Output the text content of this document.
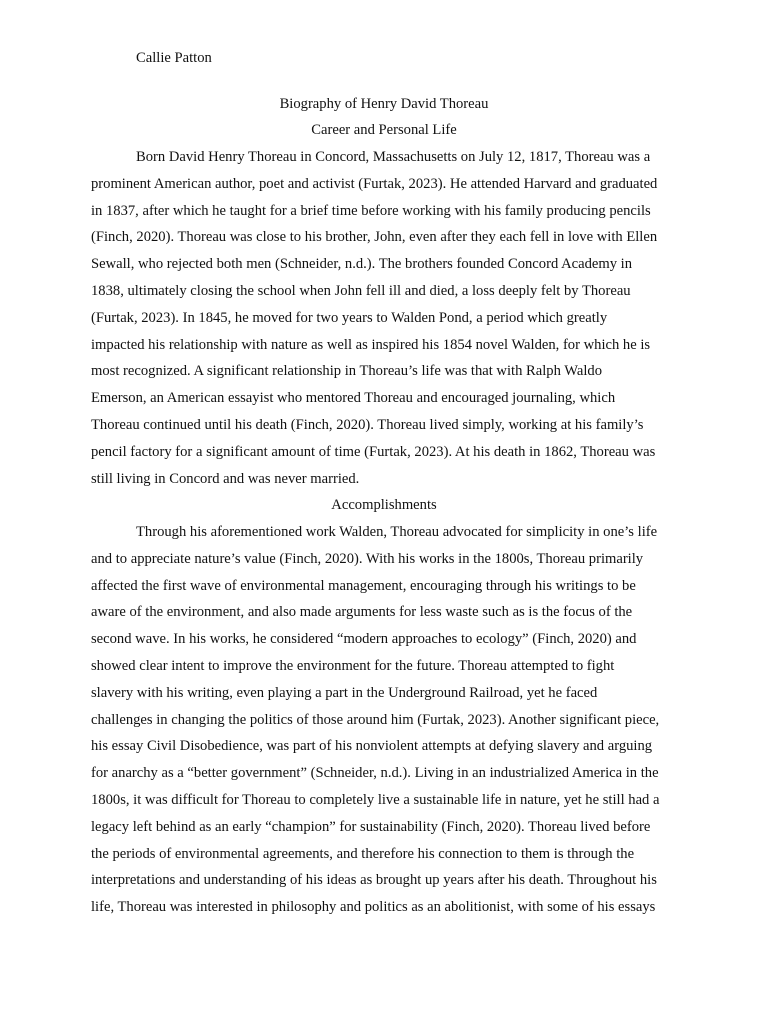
Callie Patton
Biography of Henry David Thoreau
Career and Personal Life
Born David Henry Thoreau in Concord, Massachusetts on July 12, 1817, Thoreau was a
prominent American author, poet and activist (Furtak, 2023). He attended Harvard and graduated
in 1837, after which he taught for a brief time before working with his family producing pencils
(Finch, 2020). Thoreau was close to his brother, John, even after they each fell in love with Ellen
Sewall, who rejected both men (Schneider, n.d.). The brothers founded Concord Academy in
1838, ultimately closing the school when John fell ill and died, a loss deeply felt by Thoreau
(Furtak, 2023). In 1845, he moved for two years to Walden Pond, a period which greatly
impacted his relationship with nature as well as inspired his 1854 novel Walden, for which he is
most recognized. A significant relationship in Thoreau’s life was that with Ralph Waldo
Emerson, an American essayist who mentored Thoreau and encouraged journaling, which
Thoreau continued until his death (Finch, 2020). Thoreau lived simply, working at his family’s
pencil factory for a significant amount of time (Furtak, 2023). At his death in 1862, Thoreau was
still living in Concord and was never married.
Accomplishments
Through his aforementioned work Walden, Thoreau advocated for simplicity in one’s life
and to appreciate nature’s value (Finch, 2020). With his works in the 1800s, Thoreau primarily
affected the first wave of environmental management, encouraging through his writings to be
aware of the environment, and also made arguments for less waste such as is the focus of the
second wave. In his works, he considered “modern approaches to ecology” (Finch, 2020) and
showed clear intent to improve the environment for the future. Thoreau attempted to fight
slavery with his writing, even playing a part in the Underground Railroad, yet he faced
challenges in changing the politics of those around him (Furtak, 2023). Another significant piece,
his essay Civil Disobedience, was part of his nonviolent attempts at defying slavery and arguing
for anarchy as a “better government” (Schneider, n.d.). Living in an industrialized America in the
1800s, it was difficult for Thoreau to completely live a sustainable life in nature, yet he still had a
legacy left behind as an early “champion” for sustainability (Finch, 2020). Thoreau lived before
the periods of environmental agreements, and therefore his connection to them is through the
interpretations and understanding of his ideas as brought up years after his death. Throughout his
life, Thoreau was interested in philosophy and politics as an abolitionist, with some of his essays
